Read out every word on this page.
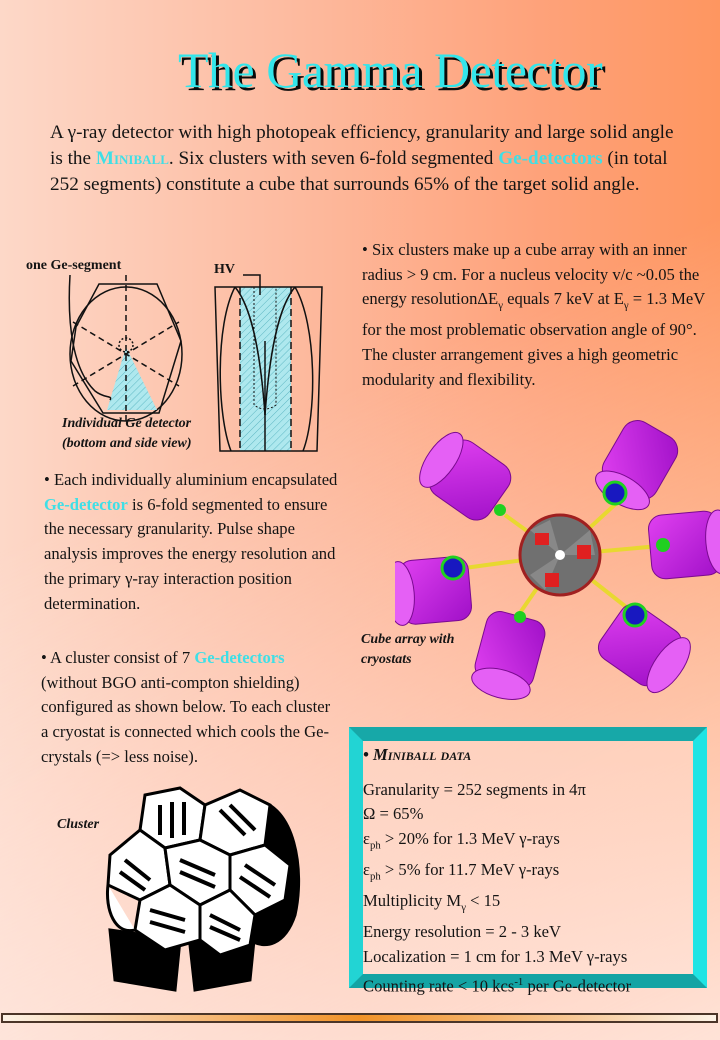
The Gamma Detector
A γ-ray detector with high photopeak efficiency, granularity and large solid angle is the Miniball. Six clusters with seven 6-fold segmented Ge-detectors (in total 252 segments) constitute a cube that surrounds 65% of the target solid angle.
• Six clusters make up a cube array with an inner radius > 9 cm. For a nucleus velocity v/c ~0.05 the energy resolutionΔE$_\gamma$ equals 7 keV at $E_\gamma = 1.3$ MeV for the most problematic observation angle of 90°. The cluster arrangement gives a high geometric modularity and flexibility.
one Ge-segment	HV
Individual Ge detector
(bottom and side view)
• Each individually aluminium encapsulated Ge-detector is 6-fold segmented to ensure the necessary granularity. Pulse shape analysis improves the energy resolution and the primary γ-ray interaction position determination.
• A cluster consist of 7 Ge-detectors (without BGO anti-compton shielding) configured as shown below. To each cluster a cryostat is connected which cools the Ge-crystals (=> less noise).
Cube array with
cryostats
Cluster
• Miniball data
Granularity = 252 segments in 4π
Ω = 65%
$\varepsilon_{ph} > 20\%$ for 1.3 MeV γ-rays
$\varepsilon_{ph} > 5\%$ for 11.7 MeV γ-rays
Multiplicity $M_\gamma < 15$
Energy resolution = 2 - 3 keV
Localization = 1 cm for 1.3 MeV γ-rays
Counting rate < 10 kcs$^{-1}$ per Ge-detector
